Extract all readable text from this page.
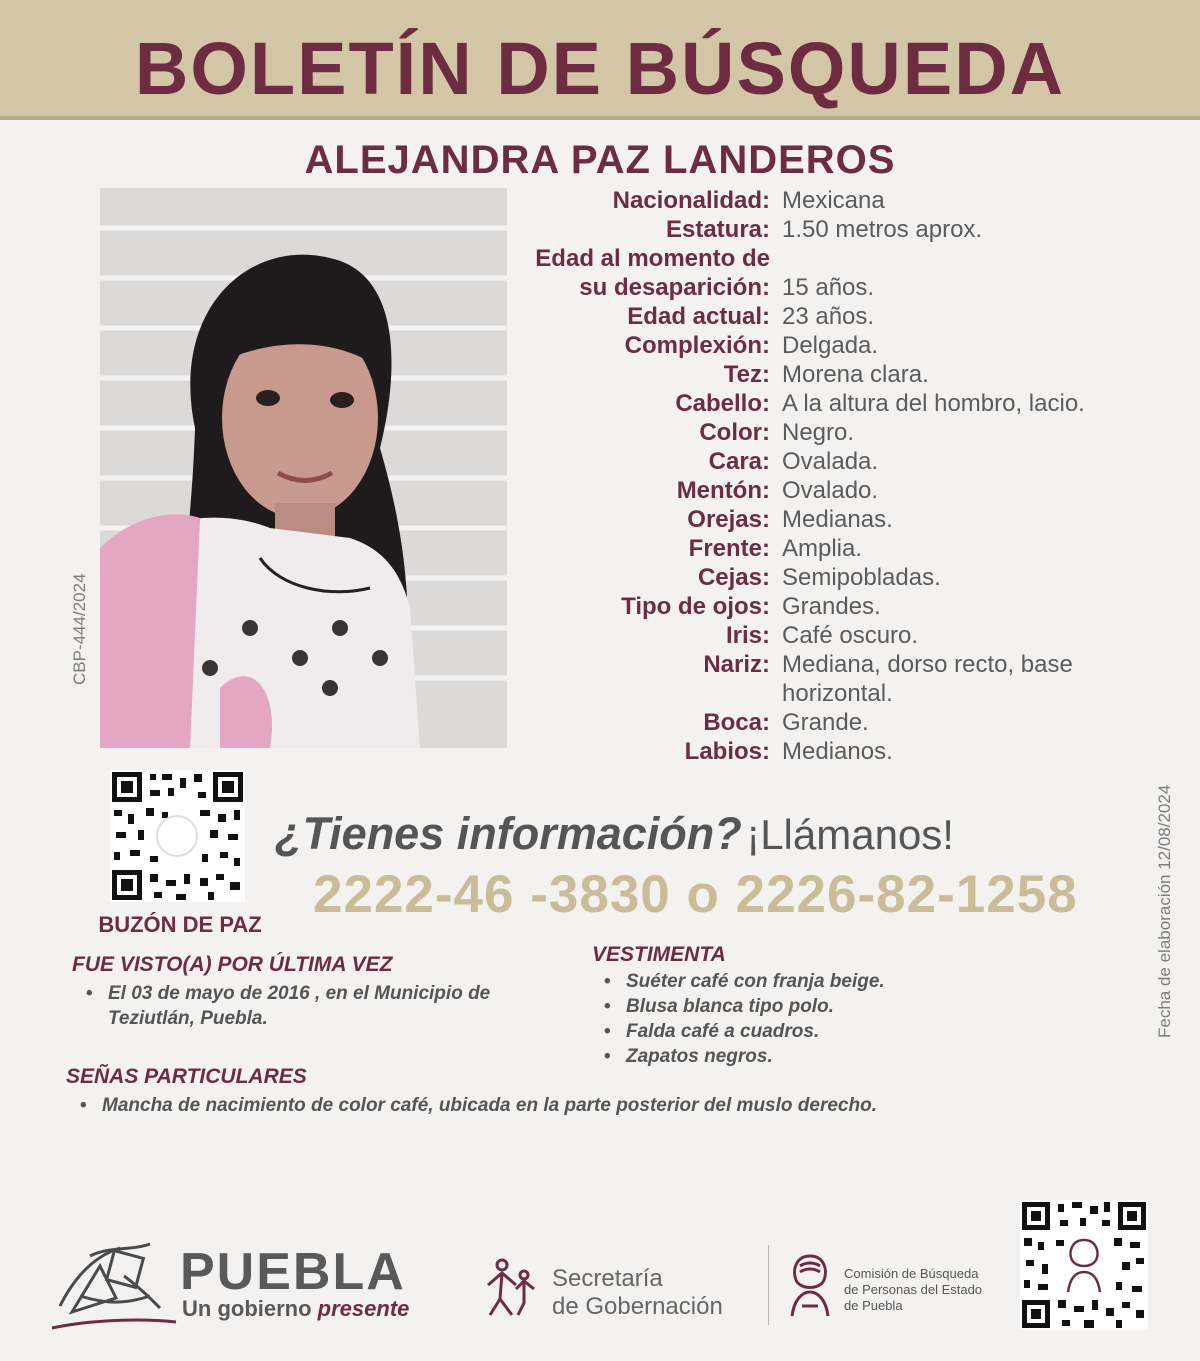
BOLETÍN DE BÚSQUEDA
ALEJANDRA PAZ LANDEROS
CBP-444/2024
Fecha de elaboración 12/08/2024
Nacionalidad: Mexicana
Estatura: 1.50 metros aprox.
Edad al momento de
su desaparición: 15 años.
Edad actual: 23 años.
Complexión: Delgada.
Tez: Morena clara.
Cabello: A la altura del hombro, lacio.
Color: Negro.
Cara: Ovalada.
Mentón: Ovalado.
Orejas: Medianas.
Frente: Amplia.
Cejas: Semipobladas.
Tipo de ojos: Grandes.
Iris: Café oscuro.
Nariz: Mediana, dorso recto, base horizontal.
Boca: Grande.
Labios: Medianos.
BUZÓN DE PAZ
¿Tienes información? ¡Llámanos!
2222-46 -3830 o 2226-82-1258
FUE VISTO(A) POR ÚLTIMA VEZ
• El 03 de mayo de 2016 , en el Municipio de Teziutlán, Puebla.
VESTIMENTA
• Suéter café con franja beige.
• Blusa blanca tipo polo.
• Falda café a cuadros.
• Zapatos negros.
SEÑAS PARTICULARES
• Mancha de nacimiento de color café, ubicada en la parte posterior del muslo derecho.
PUEBLA
Un gobierno presente
Secretaría
de Gobernación
Comisión de Búsqueda
de Personas del Estado
de Puebla
